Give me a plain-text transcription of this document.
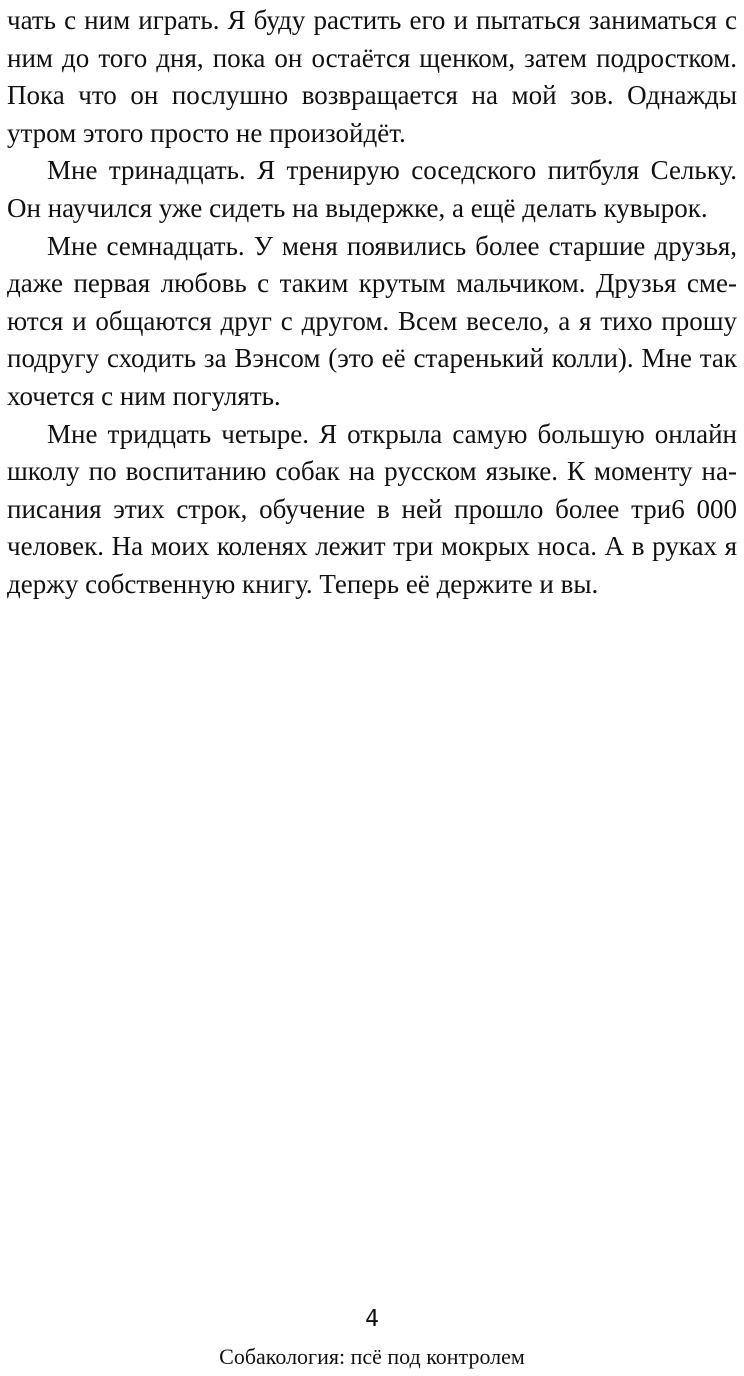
чать с ним играть. Я буду растить его и пытаться заниматься с ним до того дня, пока он остаётся щенком, затем подростком. Пока что он послушно возвращается на мой зов. Однажды утром этого просто не произойдёт.

Мне тринадцать. Я тренирую соседского питбуля Сельку. Он научился уже сидеть на выдержке, а ещё делать кувырок.

Мне семнадцать. У меня появились более старшие друзья, даже первая любовь с таким крутым мальчиком. Друзья смеются и общаются друг с другом. Всем весело, а я тихо прошу подругу сходить за Вэнсом (это её старенький колли). Мне так хочется с ним погулять.

Мне тридцать четыре. Я открыла самую большую онлайн школу по воспитанию собак на русском языке. К моменту написания этих строк, обучение в ней прошло более три6 000 человек. На моих коленях лежит три мокрых носа. А в руках я держу собственную книгу. Теперь её держите и вы.

4
Собакология: псё под контролем
